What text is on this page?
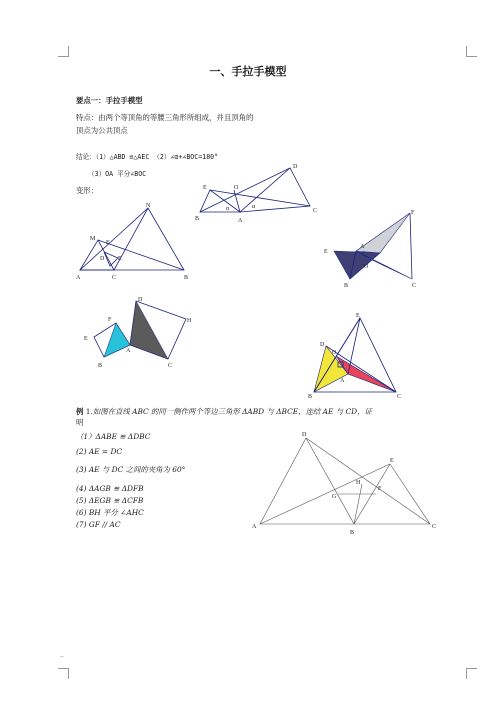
一、手拉手模型
要点一：手拉手模型
特点：由两个等顶角的等腰三角形所组成，并且顶角的
顶点为公共顶点
结论：（1）△ABD ≌△AEC （2）∠α+∠BOC=180°
（3）OA 平分∠BOC
变形：
D
E	O
α	α
B	A
C
N
M
F
D E
A	C	B
F
E
A
O
B	C
D
F	H
E
A
B	C
E
D
O
A
B	C
例 1.如图在直线 ABC 的同一侧作两个等边三角形 ΔABD 与 ΔBCE，连结 AE 与 CD，证
明
（1）ΔABE ≌ ΔDBC
(2) AE = DC
(3) AE 与 DC 之间的夹角为 60°
(4) ΔAGB ≌ ΔDFB
(5) ΔEGB ≌ ΔCFB
(6) BH 平分 ∠AHC
(7) GF // AC
D
E
H
F
G
A
B
C
..
